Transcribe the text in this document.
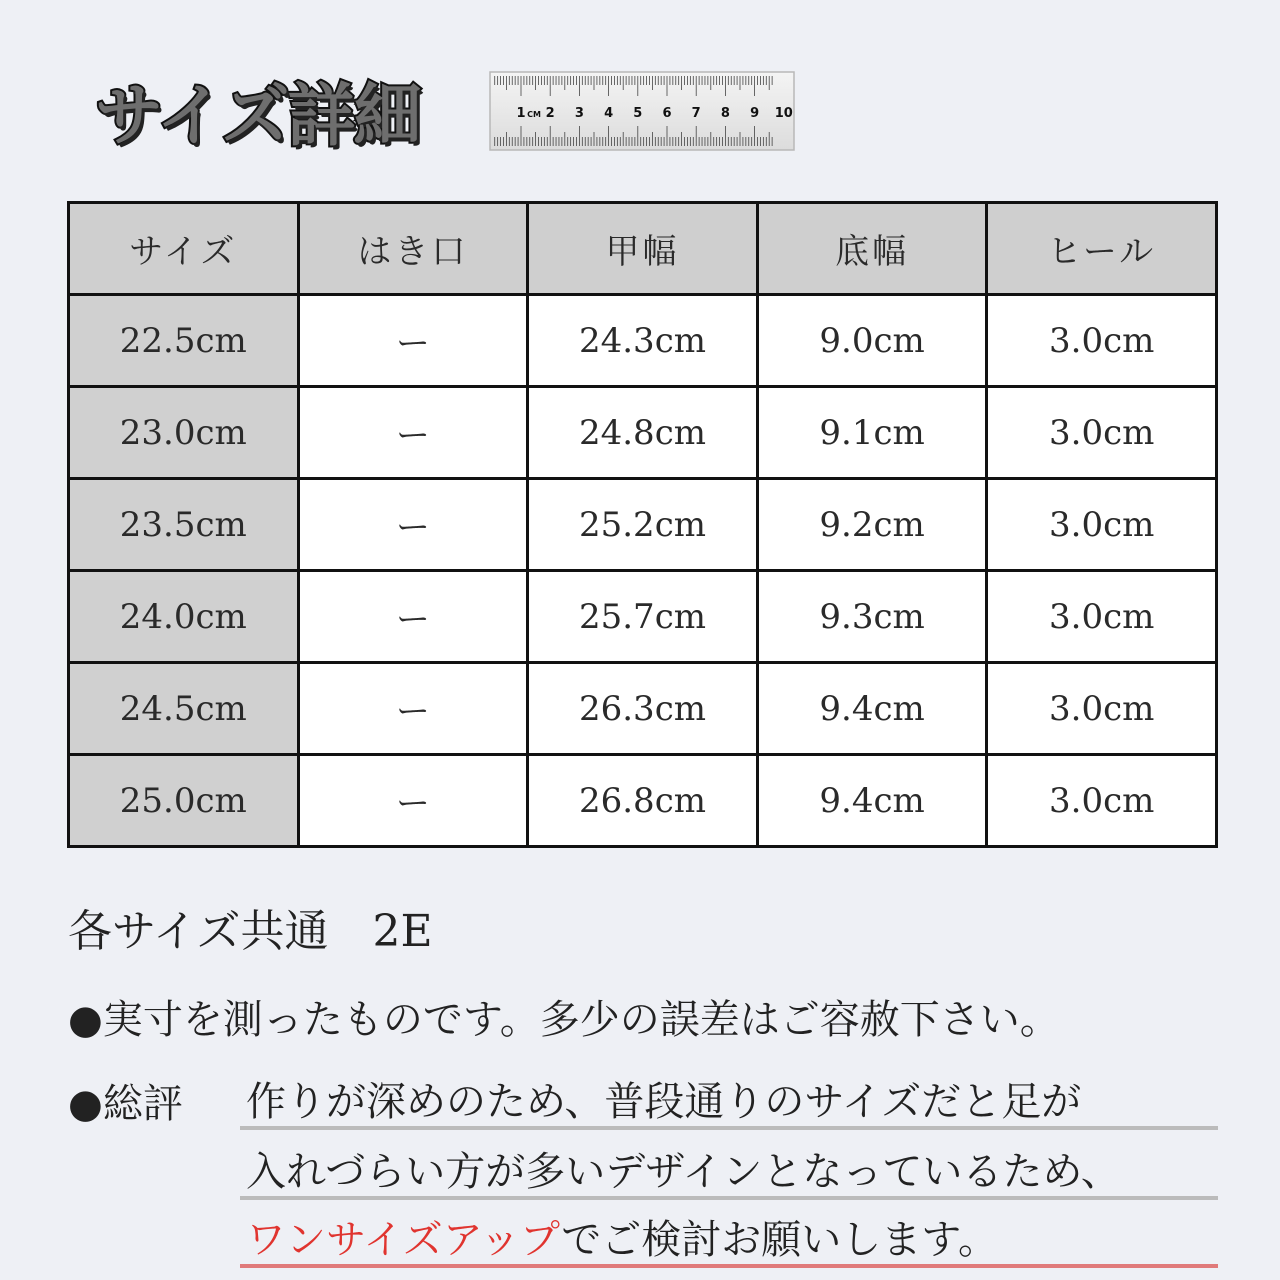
サイズ詳細	1 CM 2 3 4 5 6 7 8 9 10
サイズ	はき口	甲幅	底幅	ヒール
22.5cm	ー	24.3cm	9.0cm	3.0cm
23.0cm	ー	24.8cm	9.1cm	3.0cm
23.5cm	ー	25.2cm	9.2cm	3.0cm
24.0cm	ー	25.7cm	9.3cm	3.0cm
24.5cm	ー	26.3cm	9.4cm	3.0cm
25.0cm	ー	26.8cm	9.4cm	3.0cm
各サイズ共通　2E
●実寸を測ったものです。多少の誤差はご容赦下さい。
●総評 作りが深めのため、普段通りのサイズだと足が
入れづらい方が多いデザインとなっているため、
ワンサイズアップでご検討お願いします。
